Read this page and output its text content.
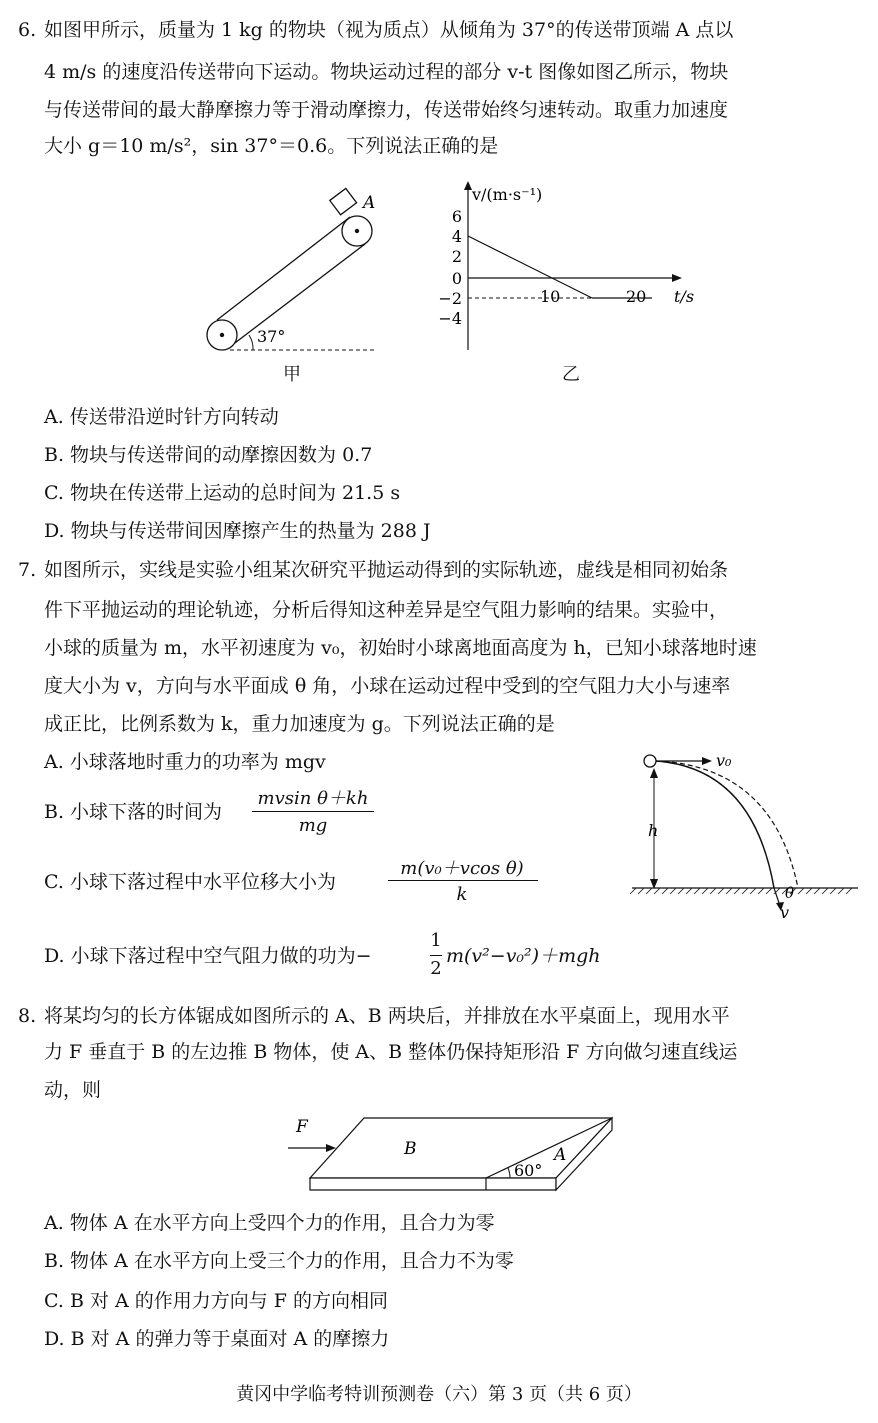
6. 如图甲所示，质量为 1 kg 的物块（视为质点）从倾角为 37°的传送带顶端 A 点以
4 m/s 的速度沿传送带向下运动。物块运动过程的部分 v-t 图像如图乙所示，物块
与传送带间的最大静摩擦力等于滑动摩擦力，传送带始终匀速转动。取重力加速度
大小 g＝10 m/s²，sin 37°＝0.6。下列说法正确的是
A
37°
甲
v/(m·s⁻¹)
t/s
6
4
2
0
−2
−4
10	20
乙
A. 传送带沿逆时针方向转动
B. 物块与传送带间的动摩擦因数为 0.7
C. 物块在传送带上运动的总时间为 21.5 s
D. 物块与传送带间因摩擦产生的热量为 288 J
7. 如图所示，实线是实验小组某次研究平抛运动得到的实际轨迹，虚线是相同初始条
件下平抛运动的理论轨迹，分析后得知这种差异是空气阻力影响的结果。实验中，
小球的质量为 m，水平初速度为 v₀，初始时小球离地面高度为 h，已知小球落地时速
度大小为 v，方向与水平面成 θ 角，小球在运动过程中受到的空气阻力大小与速率
成正比，比例系数为 k，重力加速度为 g。下列说法正确的是
A. 小球落地时重力的功率为 mgv
B. 小球下落的时间为
mvsin θ＋kh
mg
C. 小球下落过程中水平位移大小为
m(v₀＋vcos θ)
k
D. 小球下落过程中空气阻力做的功为−
1
2
m(v²−v₀²)＋mgh
v₀
h
θ
v
8. 将某均匀的长方体锯成如图所示的 A、B 两块后，并排放在水平桌面上，现用水平
力 F 垂直于 B 的左边推 B 物体，使 A、B 整体仍保持矩形沿 F 方向做匀速直线运
动，则
F
B	A
60°
A. 物体 A 在水平方向上受四个力的作用，且合力为零
B. 物体 A 在水平方向上受三个力的作用，且合力不为零
C. B 对 A 的作用力方向与 F 的方向相同
D. B 对 A 的弹力等于桌面对 A 的摩擦力
黄冈中学临考特训预测卷（六）第 3 页（共 6 页）
